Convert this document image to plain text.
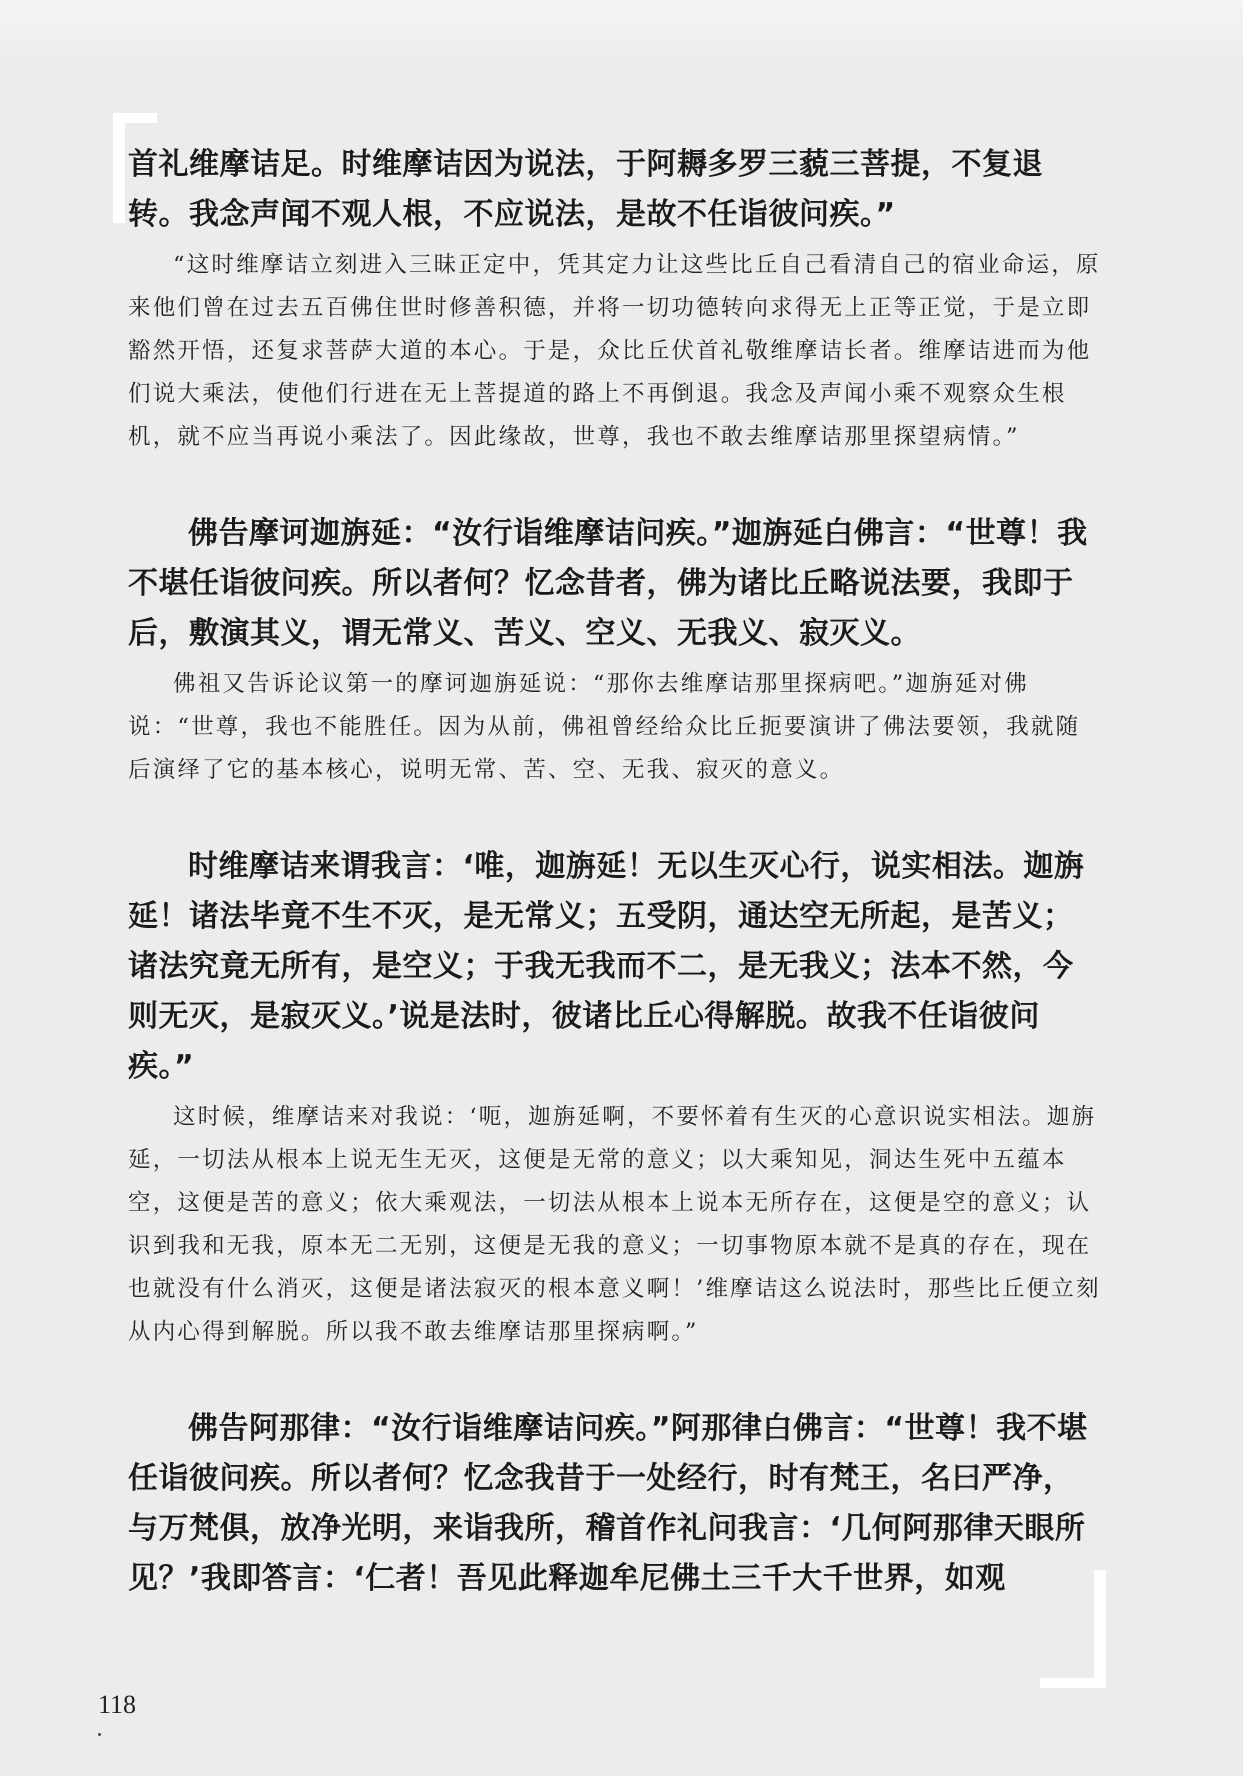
首礼维摩诘足。时维摩诘因为说法，于阿耨多罗三藐三菩提，不复退转。我念声闻不观人根，不应说法，是故不任诣彼问疾。”

“这时维摩诘立刻进入三昧正定中，凭其定力让这些比丘自己看清自己的宿业命运，原来他们曾在过去五百佛住世时修善积德，并将一切功德转向求得无上正等正觉，于是立即豁然开悟，还复求菩萨大道的本心。于是，众比丘伏首礼敬维摩诘长者。维摩诘进而为他们说大乘法，使他们行进在无上菩提道的路上不再倒退。我念及声闻小乘不观察众生根机，就不应当再说小乘法了。因此缘故，世尊，我也不敢去维摩诘那里探望病情。”

佛告摩诃迦旃延：“汝行诣维摩诘问疾。”迦旃延白佛言：“世尊！我不堪任诣彼问疾。所以者何？忆念昔者，佛为诸比丘略说法要，我即于后，敷演其义，谓无常义、苦义、空义、无我义、寂灭义。

佛祖又告诉论议第一的摩诃迦旃延说：“那你去维摩诘那里探病吧。”迦旃延对佛说：“世尊，我也不能胜任。因为从前，佛祖曾经给众比丘扼要演讲了佛法要领，我就随后演绎了它的基本核心，说明无常、苦、空、无我、寂灭的意义。

时维摩诘来谓我言：‘唯，迦旃延！无以生灭心行，说实相法。迦旃延！诸法毕竟不生不灭，是无常义；五受阴，通达空无所起，是苦义；诸法究竟无所有，是空义；于我无我而不二，是无我义；法本不然，今则无灭，是寂灭义。’说是法时，彼诸比丘心得解脱。故我不任诣彼问疾。”

这时候，维摩诘来对我说：‘呃，迦旃延啊，不要怀着有生灭的心意识说实相法。迦旃延，一切法从根本上说无生无灭，这便是无常的意义；以大乘知见，洞达生死中五蕴本空，这便是苦的意义；依大乘观法，一切法从根本上说本无所存在，这便是空的意义；认识到我和无我，原本无二无别，这便是无我的意义；一切事物原本就不是真的存在，现在也就没有什么消灭，这便是诸法寂灭的根本意义啊！’维摩诘这么说法时，那些比丘便立刻从内心得到解脱。所以我不敢去维摩诘那里探病啊。”

佛告阿那律：“汝行诣维摩诘问疾。”阿那律白佛言：“世尊！我不堪任诣彼问疾。所以者何？忆念我昔于一处经行，时有梵王，名曰严净，与万梵俱，放净光明，来诣我所，稽首作礼问我言：‘几何阿那律天眼所见？’我即答言：‘仁者！吾见此释迦牟尼佛土三千大千世界，如观

118
